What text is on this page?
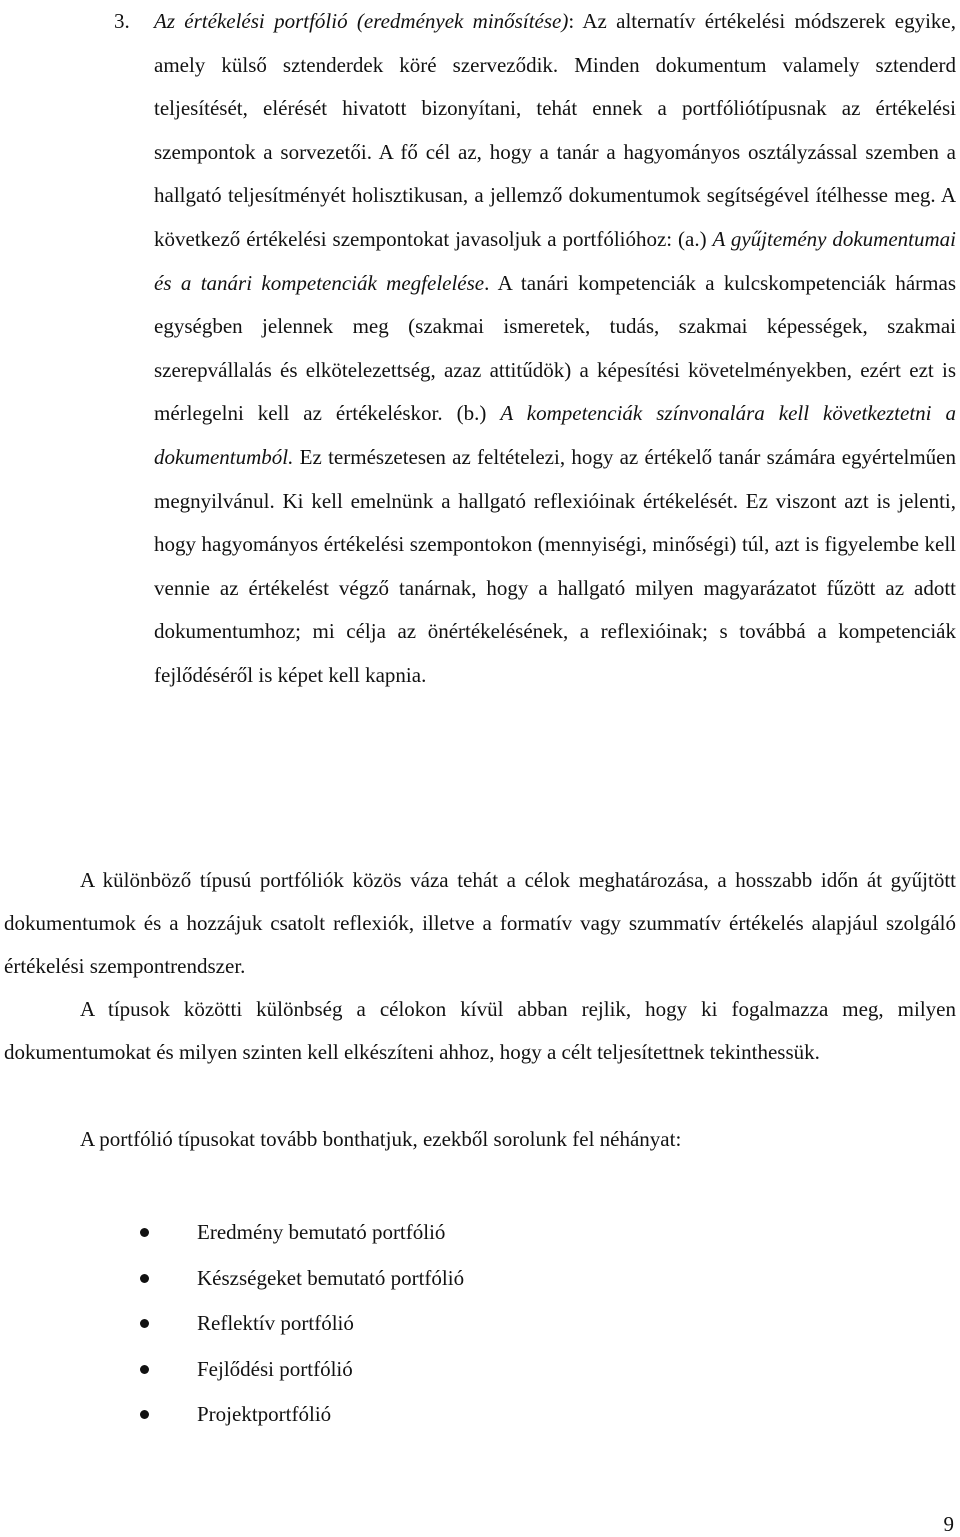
3. Az értékelési portfólió (eredmények minősítése): Az alternatív értékelési módszerek egyike, amely külső sztenderdek köré szerveződik. Minden dokumentum valamely sztenderd teljesítését, elérését hivatott bizonyítani, tehát ennek a portfóliótípusnak az értékelési szempontok a sorvezetői. A fő cél az, hogy a tanár a hagyományos osztályzással szemben a hallgató teljesítményét holisztikusan, a jellemző dokumentumok segítségével ítélhesse meg. A következő értékelési szempontokat javasoljuk a portfólióhoz: (a.) A gyűjtemény dokumentumai és a tanári kompetenciák megfelelése. A tanári kompetenciák a kulcskompetenciák hármas egységben jelennek meg (szakmai ismeretek, tudás, szakmai képességek, szakmai szerepvállalás és elkötelezettség, azaz attitűdök) a képesítési követelményekben, ezért ezt is mérlegelni kell az értékeléskor. (b.) A kompetenciák színvonalára kell következtetni a dokumentumból. Ez természetesen az feltételezi, hogy az értékelő tanár számára egyértelműen megnyilvánul. Ki kell emelnünk a hallgató reflexióinak értékelését. Ez viszont azt is jelenti, hogy hagyományos értékelési szempontokon (mennyiségi, minőségi) túl, azt is figyelembe kell vennie az értékelést végző tanárnak, hogy a hallgató milyen magyarázatot fűzött az adott dokumentumhoz; mi célja az önértékelésének, a reflexióinak; s továbbá a kompetenciák fejlődéséről is képet kell kapnia.

A különböző típusú portfóliók közös váza tehát a célok meghatározása, a hosszabb időn át gyűjtött dokumentumok és a hozzájuk csatolt reflexiók, illetve a formatív vagy szummatív értékelés alapjául szolgáló értékelési szempontrendszer.

A típusok közötti különbség a célokon kívül abban rejlik, hogy ki fogalmazza meg, milyen dokumentumokat és milyen szinten kell elkészíteni ahhoz, hogy a célt teljesítettnek tekinthessük.

A portfólió típusokat tovább bonthatjuk, ezekből sorolunk fel néhányat:

Eredmény bemutató portfólió
Készségeket bemutató portfólió
Reflektív portfólió
Fejlődési portfólió
Projektportfólió
9
